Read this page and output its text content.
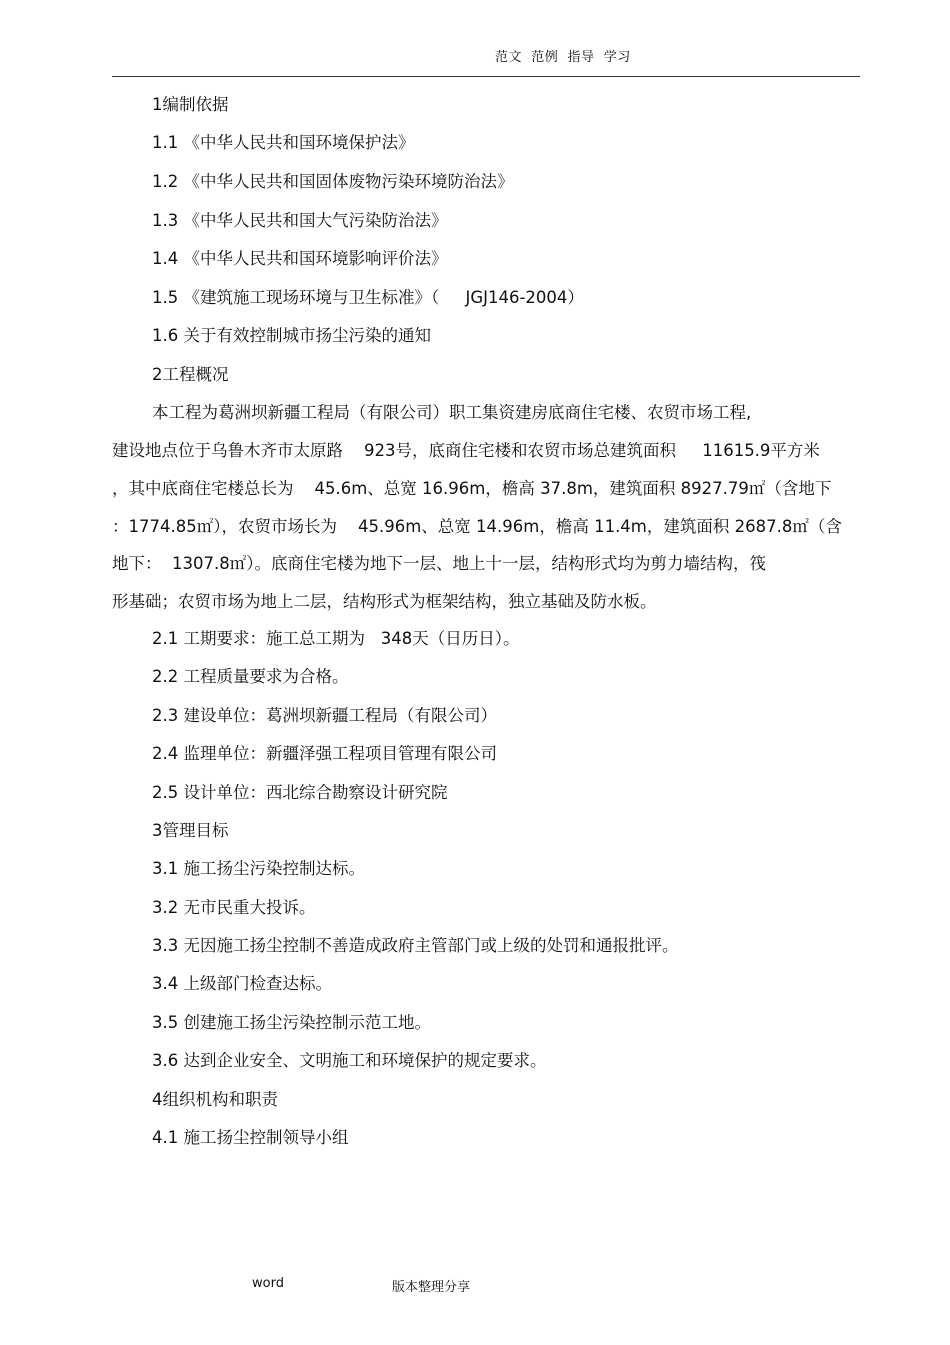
范文  范例  指导  学习
1编制依据
1.1 《中华人民共和国环境保护法》
1.2 《中华人民共和国固体废物污染环境防治法》
1.3 《中华人民共和国大气污染防治法》
1.4 《中华人民共和国环境影响评价法》
1.5 《建筑施工现场环境与卫生标准》（     JGJ146-2004）
1.6 关于有效控制城市扬尘污染的通知
2工程概况
本工程为葛洲坝新疆工程局（有限公司）职工集资建房底商住宅楼、农贸市场工程,
建设地点位于乌鲁木齐市太原路    923号，底商住宅楼和农贸市场总建筑面积     11615.9平方米
，其中底商住宅楼总长为    45.6m、总宽 16.96m，檐高 37.8m，建筑面积 8927.79㎡（含地下
：1774.85㎡），农贸市场长为    45.96m、总宽 14.96m，檐高 11.4m，建筑面积 2687.8㎡（含
地下：  1307.8㎡）。底商住宅楼为地下一层、地上十一层，结构形式均为剪力墙结构，筏
形基础；农贸市场为地上二层，结构形式为框架结构，独立基础及防水板。
2.1 工期要求：施工总工期为   348天（日历日）。
2.2 工程质量要求为合格。
2.3 建设单位：葛洲坝新疆工程局（有限公司）
2.4 监理单位：新疆泽强工程项目管理有限公司
2.5 设计单位：西北综合勘察设计研究院
3管理目标
3.1 施工扬尘污染控制达标。
3.2 无市民重大投诉。
3.3 无因施工扬尘控制不善造成政府主管部门或上级的处罚和通报批评。
3.4 上级部门检查达标。
3.5 创建施工扬尘污染控制示范工地。
3.6 达到企业安全、文明施工和环境保护的规定要求。
4组织机构和职责
4.1 施工扬尘控制领导小组
word	版本整理分享
